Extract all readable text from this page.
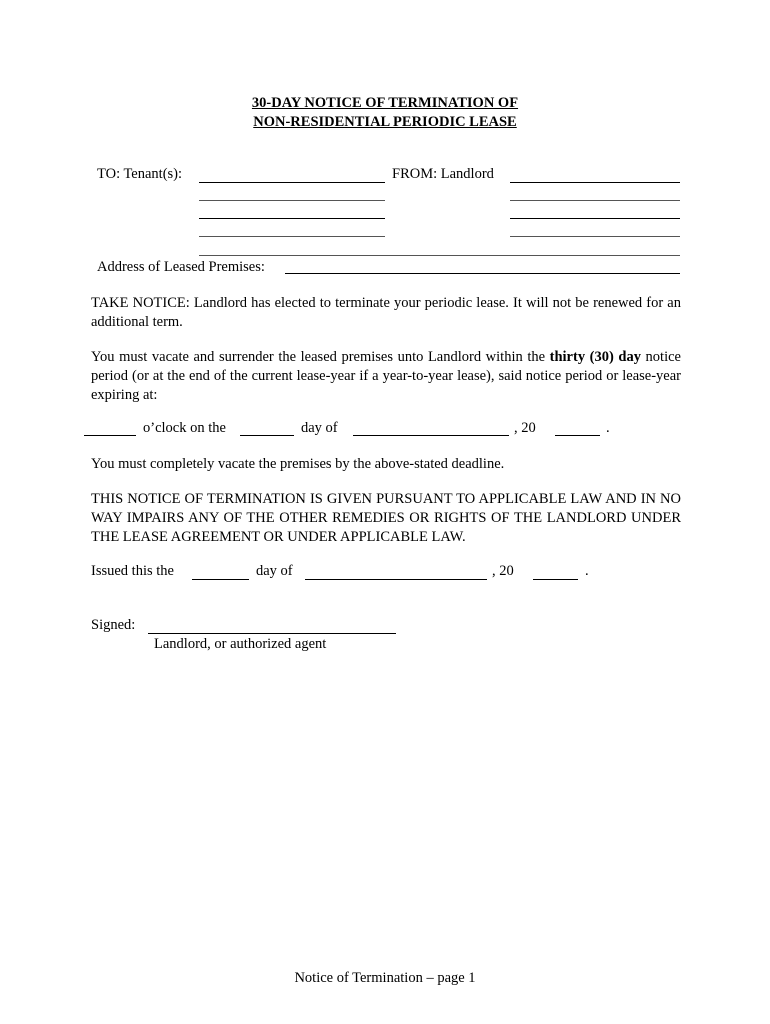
30-DAY NOTICE OF TERMINATION OF
NON-RESIDENTIAL PERIODIC LEASE
TO: Tenant(s):	FROM: Landlord
Address of Leased Premises:
TAKE NOTICE: Landlord has elected to terminate your periodic lease. It will not be renewed for an additional term.
You must vacate and surrender the leased premises unto Landlord within the thirty (30) day notice period (or at the end of the current lease-year if a year-to-year lease), said notice period or lease-year expiring at:
o’clock on the	day of	, 20	.
You must completely vacate the premises by the above-stated deadline.
THIS NOTICE OF TERMINATION IS GIVEN PURSUANT TO APPLICABLE LAW AND IN NO WAY IMPAIRS ANY OF THE OTHER REMEDIES OR RIGHTS OF THE LANDLORD UNDER THE LEASE AGREEMENT OR UNDER APPLICABLE LAW.
Issued this the	day of	, 20	.
Signed:
Landlord, or authorized agent
Notice of Termination – page 1
